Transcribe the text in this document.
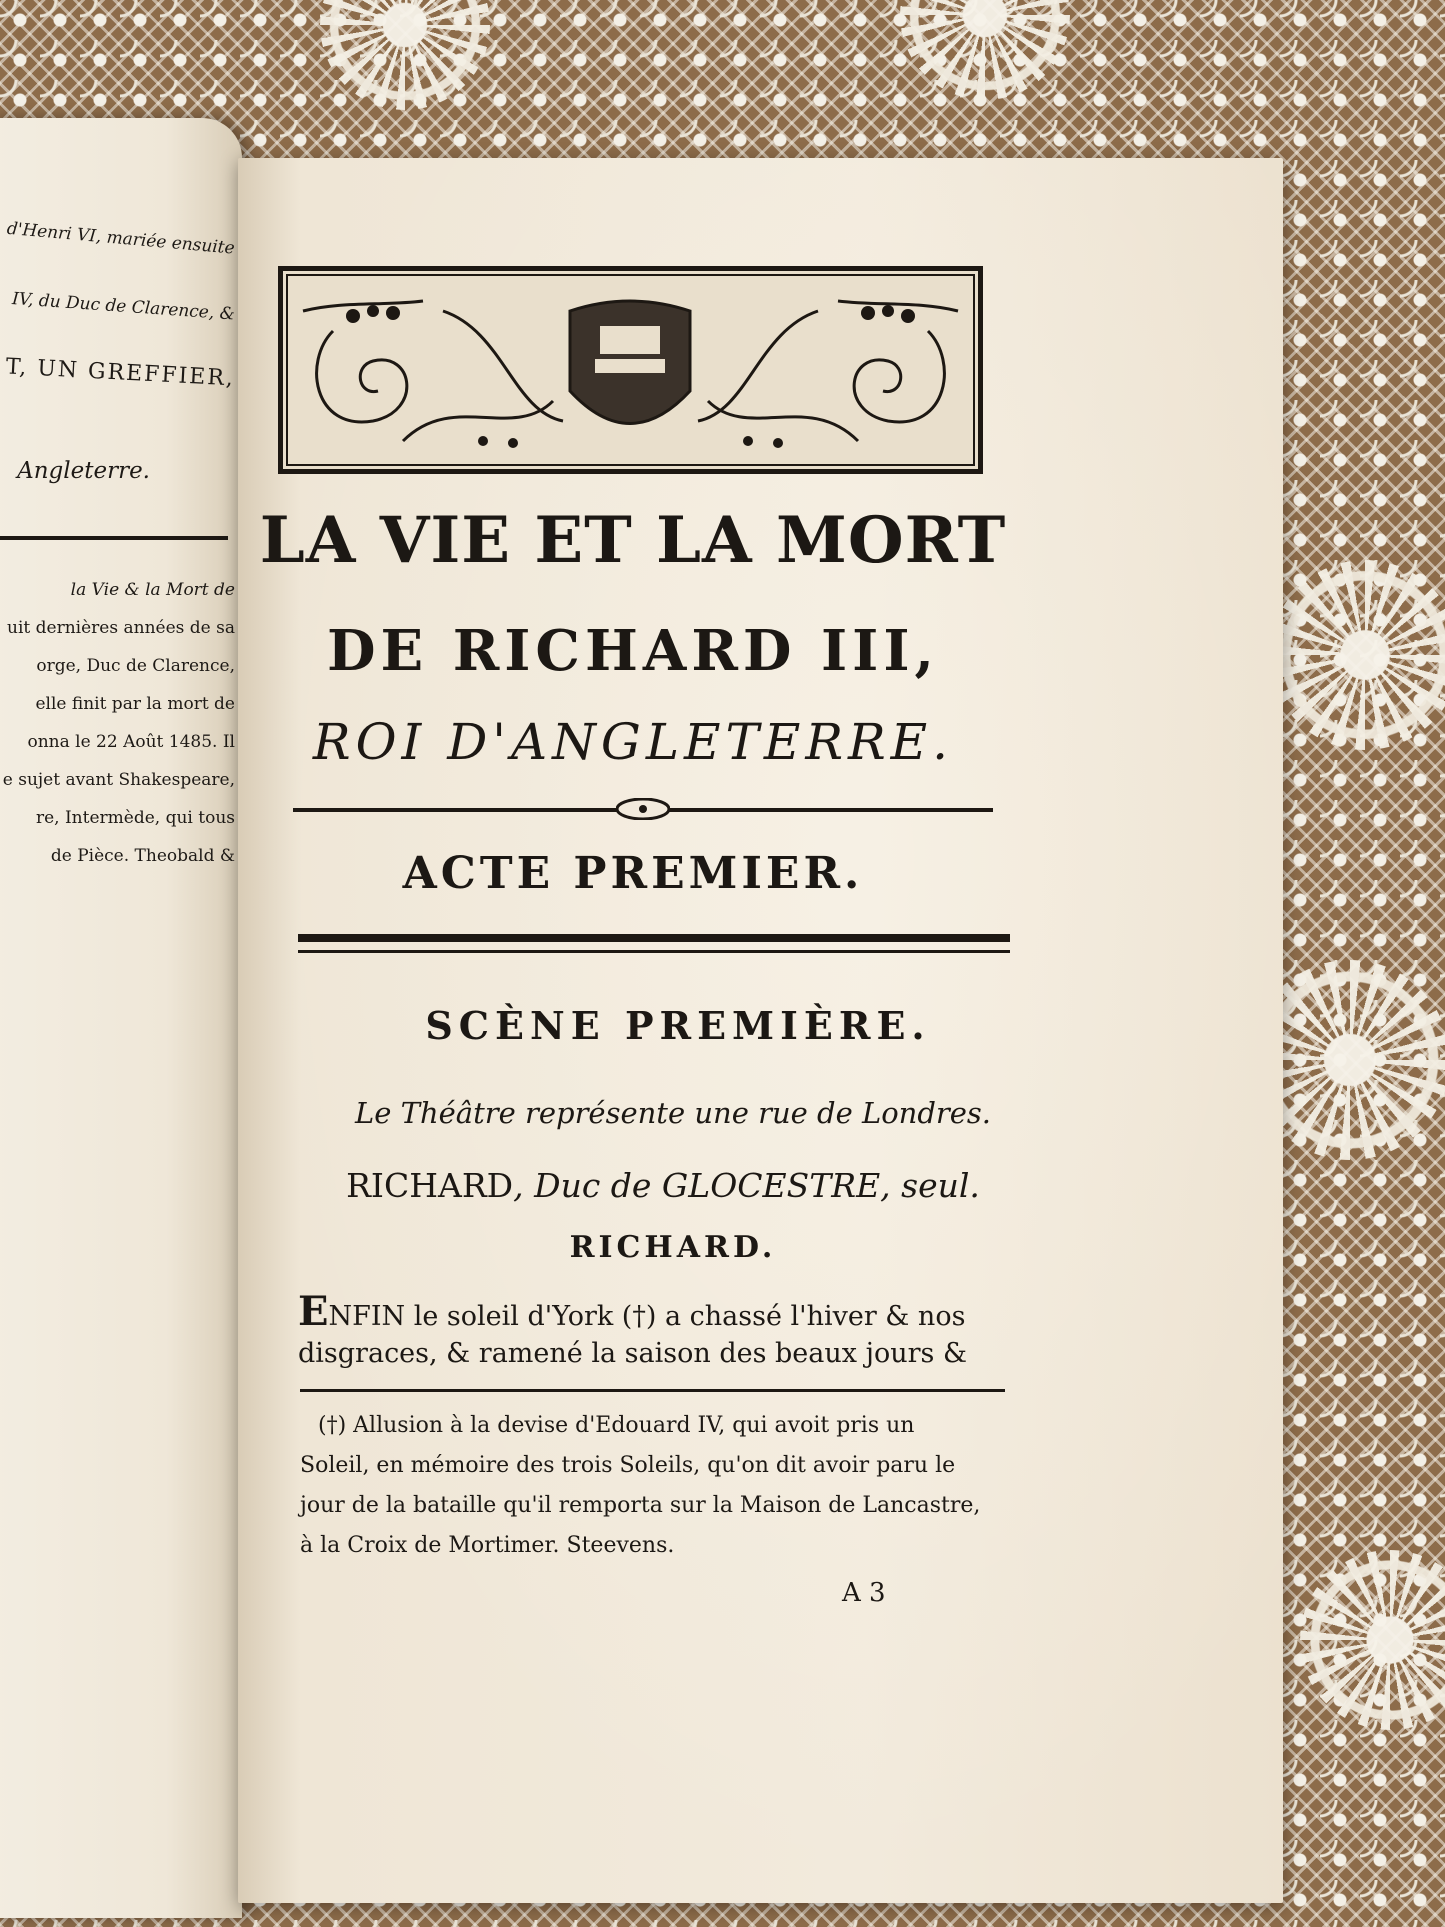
d'Henri VI, mariée ensuite
IV, du Duc de Clarence, &
T, UN GREFFIER,
Angleterre.
la Vie & la Mort de
uit dernières années de sa
orge, Duc de Clarence,
elle finit par la mort de
onna le 22 Août 1485. Il
e sujet avant Shakespeare,
re, Intermède, qui tous
de Pièce. Theobald &
LA VIE ET LA MORT
DE RICHARD III,
ROI D'ANGLETERRE.
ACTE PREMIER.
SCÈNE PREMIÈRE.
Le Théâtre représente une rue de Londres.
RICHARD, Duc de GLOCESTRE, seul.
RICHARD.
ENFIN le soleil d'York (†) a chassé l'hiver & nos
disgraces, & ramené la saison des beaux jours &
(†) Allusion à la devise d'Edouard IV, qui avoit pris un
Soleil, en mémoire des trois Soleils, qu'on dit avoir paru le
jour de la bataille qu'il remporta sur la Maison de Lancastre,
à la Croix de Mortimer. Steevens.
A 3
